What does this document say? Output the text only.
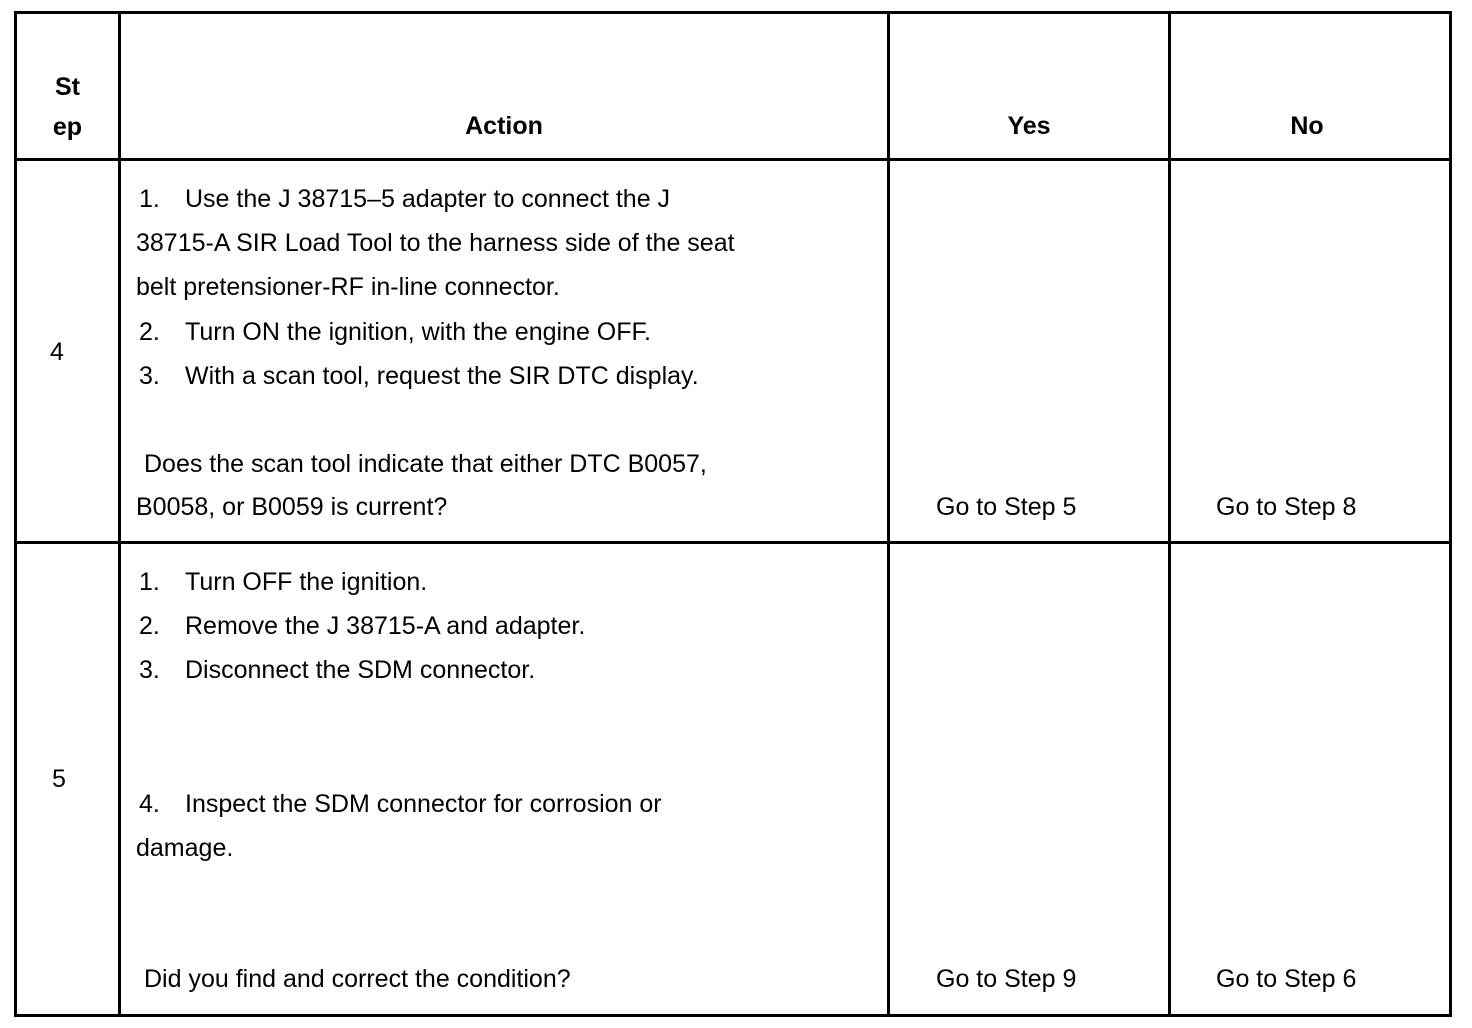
St
ep	Action	Yes	No
4
1. Use the J 38715–5 adapter to connect the J
38715-A SIR Load Tool to the harness side of the seat
belt pretensioner-RF in-line connector.
2. Turn ON the ignition, with the engine OFF.
3. With a scan tool, request the SIR DTC display.
Does the scan tool indicate that either DTC B0057,
B0058, or B0059 is current?	Go to Step 5	Go to Step 8
5
1. Turn OFF the ignition.
2. Remove the J 38715-A and adapter.
3. Disconnect the SDM connector.
4. Inspect the SDM connector for corrosion or
damage.
Did you find and correct the condition?	Go to Step 9	Go to Step 6
